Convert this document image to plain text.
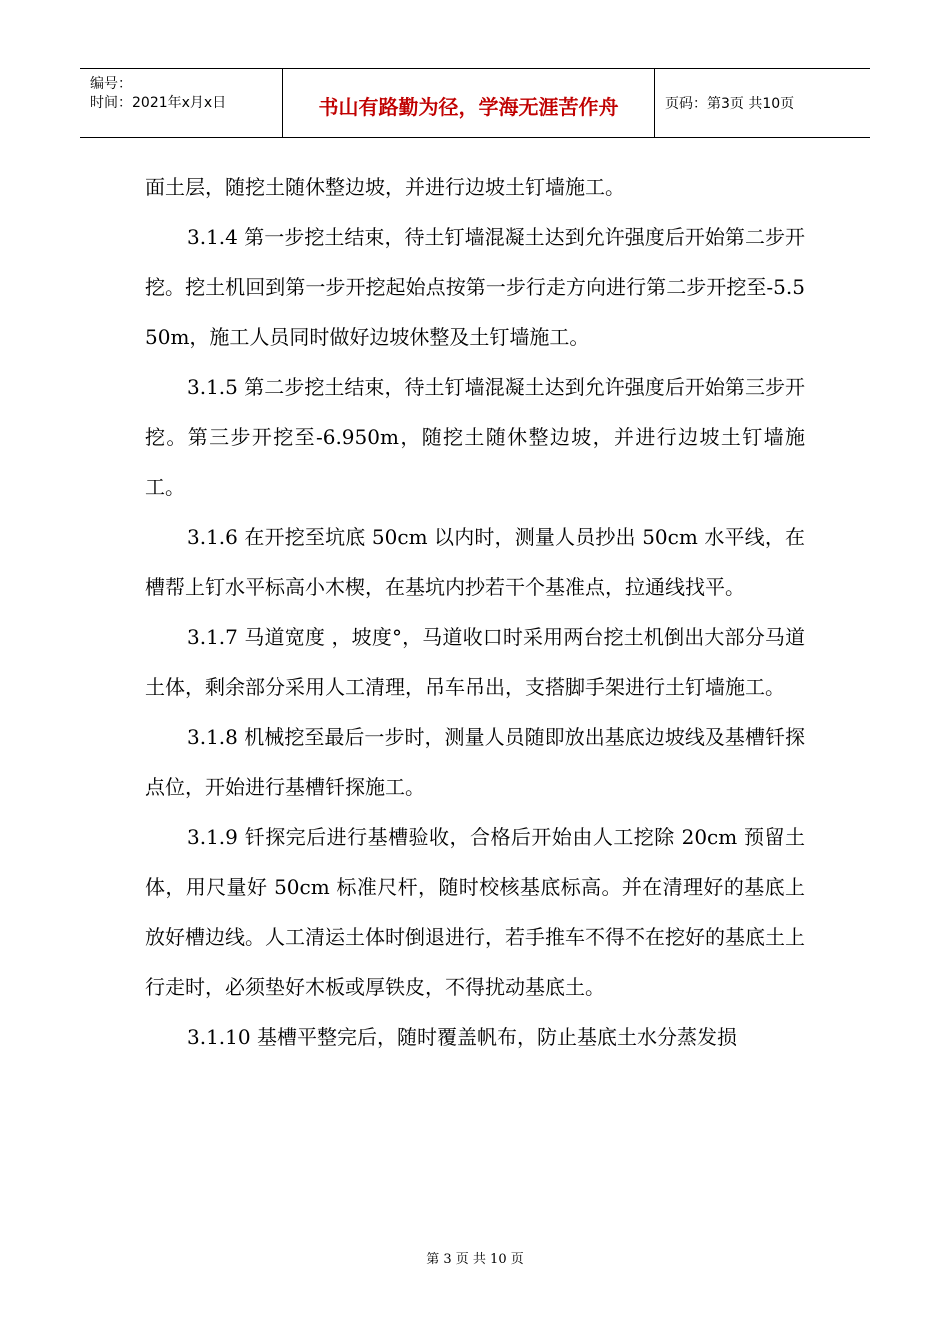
编号：
时间：2021年x月x日	书山有路勤为径，学海无涯苦作舟	页码：第3页 共10页

面土层，随挖土随休整边坡，并进行边坡土钉墙施工。

3.1.4 第一步挖土结束，待土钉墙混凝土达到允许强度后开始第二步开挖。挖土机回到第一步开挖起始点按第一步行走方向进行第二步开挖至-5.550m，施工人员同时做好边坡休整及土钉墙施工。

3.1.5 第二步挖土结束，待土钉墙混凝土达到允许强度后开始第三步开挖。第三步开挖至-6.950m，随挖土随休整边坡，并进行边坡土钉墙施工。

3.1.6 在开挖至坑底 50cm 以内时，测量人员抄出 50cm 水平线，在槽帮上钉水平标高小木楔，在基坑内抄若干个基准点，拉通线找平。

3.1.7 马道宽度 ，坡度°，马道收口时采用两台挖土机倒出大部分马道土体，剩余部分采用人工清理，吊车吊出，支搭脚手架进行土钉墙施工。

3.1.8 机械挖至最后一步时，测量人员随即放出基底边坡线及基槽钎探点位，开始进行基槽钎探施工。

3.1.9 钎探完后进行基槽验收，合格后开始由人工挖除 20cm 预留土体，用尺量好 50cm 标准尺杆，随时校核基底标高。并在清理好的基底上放好槽边线。人工清运土体时倒退进行，若手推车不得不在挖好的基底土上行走时，必须垫好木板或厚铁皮，不得扰动基底土。

3.1.10 基槽平整完后，随时覆盖帆布，防止基底土水分蒸发损

第 3 页 共 10 页
